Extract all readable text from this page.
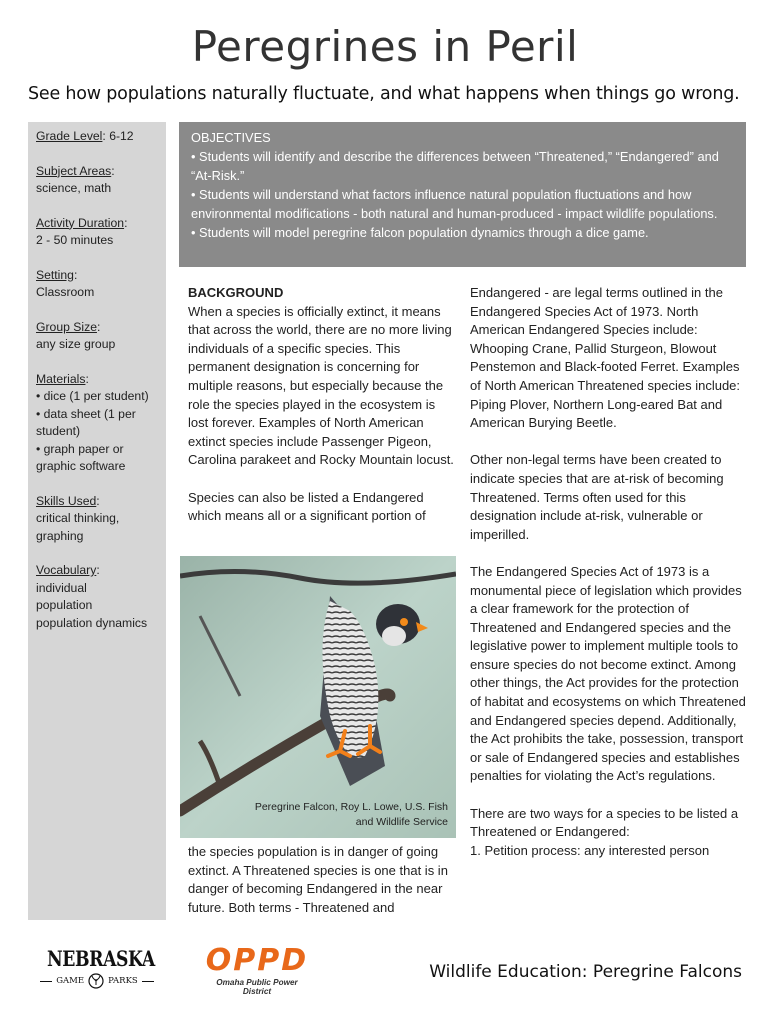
Peregrines in Peril
See how populations naturally fluctuate, and what happens when things go wrong.
Grade Level: 6-12
Subject Areas:
science, math
Activity Duration:
2 - 50 minutes
Setting:
Classroom
Group Size:
any size group
Materials:
• dice (1 per student)
• data sheet (1 per student)
• graph paper or graphic software
Skills Used:
critical thinking, graphing
Vocabulary:
individual
population
population dynamics
OBJECTIVES
• Students will identify and describe the differences between “Threatened,” “Endangered” and “At-Risk.”
• Students will understand what factors influence natural population fluctuations and how environmental modifications - both natural and human-produced - impact wildlife populations.
• Students will model peregrine falcon population dynamics through a dice game.

BACKGROUND
When a species is officially extinct, it means that across the world, there are no more living individuals of a specific species. This permanent designation is concerning for multiple reasons, but especially because the role the species played in the ecosystem is lost forever. Examples of North American extinct species include Passenger Pigeon, Carolina parakeet and Rocky Mountain locust.

Species can also be listed a Endangered which means all or a significant portion of

Peregrine Falcon, Roy L. Lowe, U.S. Fish and Wildlife Service

the species population is in danger of going extinct. A Threatened species is one that is in danger of becoming Endangered in the near future. Both terms - Threatened and

Endangered - are legal terms outlined in the Endangered Species Act of 1973. North American Endangered Species include: Whooping Crane, Pallid Sturgeon, Blowout Penstemon and Black-footed Ferret. Examples of North American Threatened species include: Piping Plover, Northern Long-eared Bat and American Burying Beetle.

Other non-legal terms have been created to indicate species that are at-risk of becoming Threatened. Terms often used for this designation include at-risk, vulnerable or imperilled.

The Endangered Species Act of 1973 is a monumental piece of legislation which provides a clear framework for the protection of Threatened and Endangered species and the legislative power to implement multiple tools to ensure species do not become extinct. Among other things, the Act provides for the protection of habitat and ecosystems on which Threatened and Endangered species depend. Additionally, the Act prohibits the take, possession, transport or sale of Endangered species and establishes penalties for violating the Act’s regulations.

There are two ways for a species to be listed a Threatened or Endangered:
1. Petition process: any interested person

NEBRASKA
GAME	PARKS
OPPD
Omaha Public Power District
Wildlife Education: Peregrine Falcons
